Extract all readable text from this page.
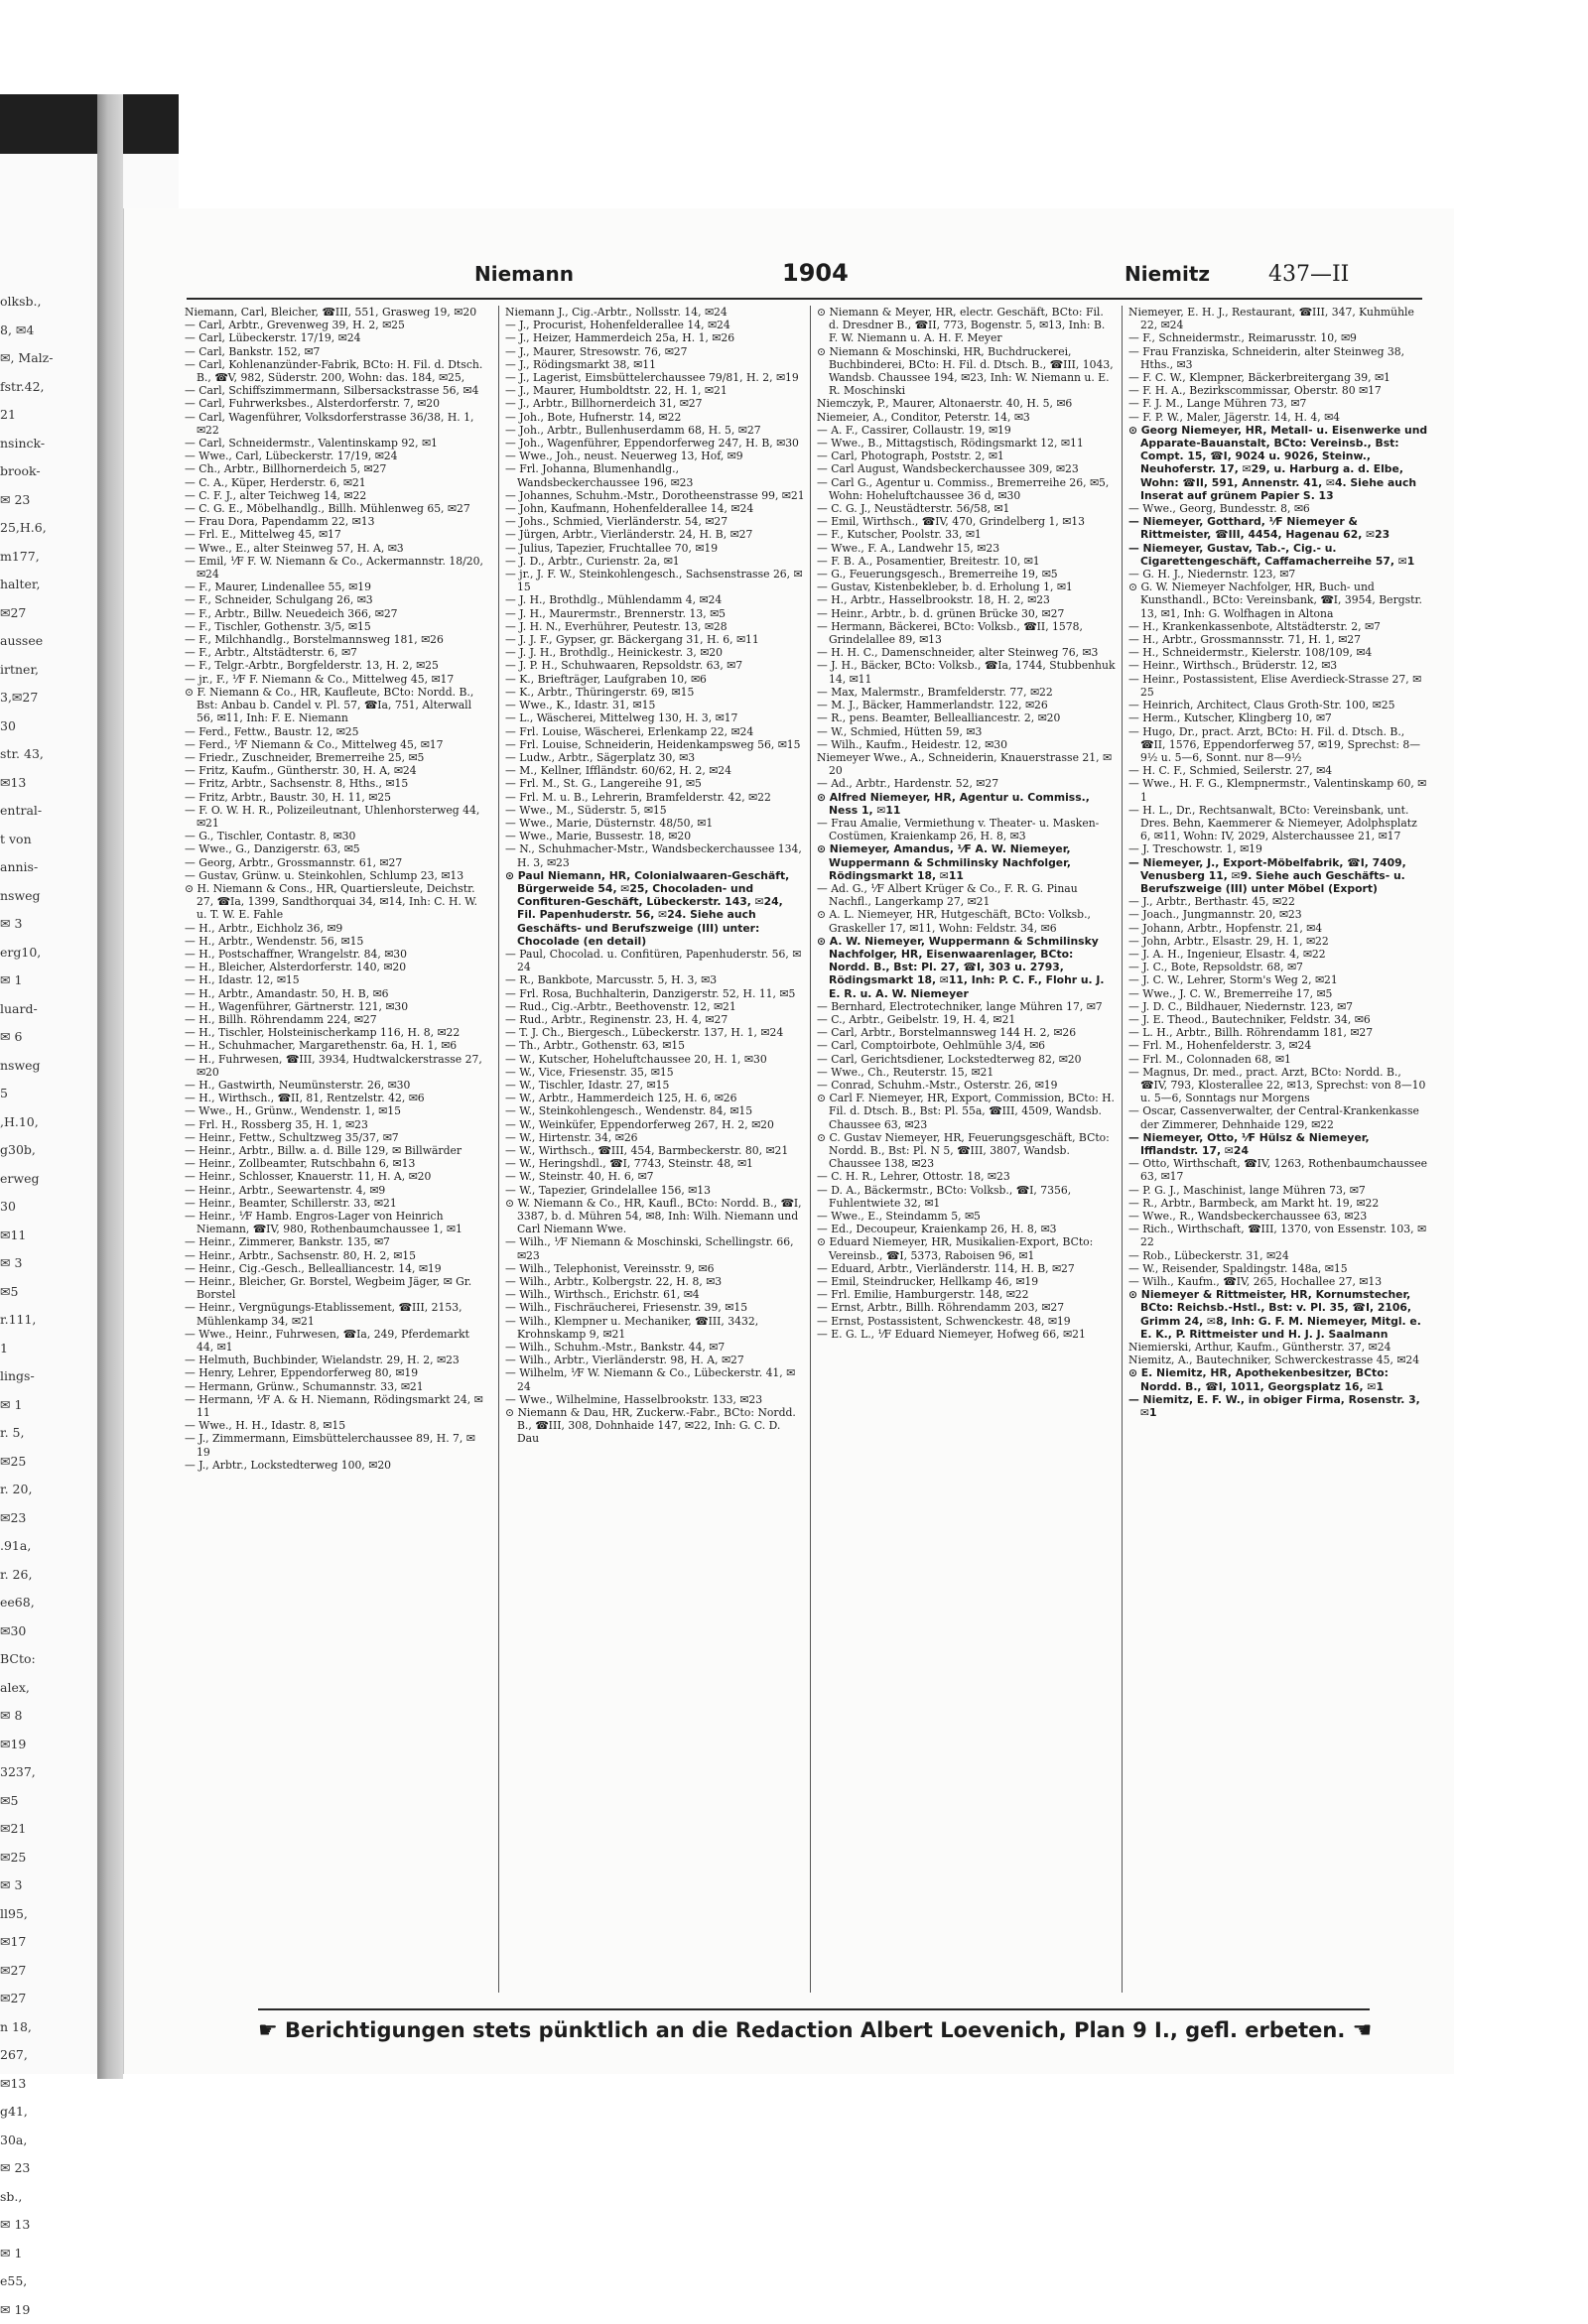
olksb.,
8, ✉4
✉, Malz-
fstr.42,
21
nsinck-
brook-
✉ 23
25,H.6,
m177,
halter,
✉27
aussee
irtner,
3,✉27
30
str. 43,
✉13
entral-
t von
annis-
nsweg
✉ 3
erg10,
✉ 1
luard-
✉ 6
nsweg
5
,H.10,
g30b,
erweg
30
✉11
✉ 3
✉5
r.111,
1
lings-
✉ 1
r. 5,
✉25
r. 20,
✉23
.91a,
r. 26,
ee68,
✉30
BCto:
alex,
✉ 8
✉19
3237,
✉5
✉21
✉25
✉ 3
ll95,
✉17
✉27
✉27
n 18,
267,
✉13
g41,
30a,
✉ 23
sb.,
✉ 13
✉ 1
e55,
✉ 19
Niemann	1904	Niemitz	437—II

Niemann, Carl, Bleicher, ☎III, 551, Grasweg 19, ✉20

— Carl, Arbtr., Grevenweg 39, H. 2, ✉25

— Carl, Lübeckerstr. 17/19, ✉24

— Carl, Bankstr. 152, ✉7

— Carl, Kohlenanzünder-Fabrik, BCto: H. Fil. d. Dtsch. B., ☎V, 982, Süderstr. 200, Wohn: das. 184, ✉25,

— Carl, Schiffszimmermann, Silbersackstrasse 56, ✉4

— Carl, Fuhrwerksbes., Alsterdorferstr. 7, ✉20

— Carl, Wagenführer, Volksdorferstrasse 36/38, H. 1, ✉22

— Carl, Schneidermstr., Valentinskamp 92, ✉1

— Wwe., Carl, Lübeckerstr. 17/19, ✉24

— Ch., Arbtr., Billhornerdeich 5, ✉27

— C. A., Küper, Herderstr. 6, ✉21

— C. F. J., alter Teichweg 14, ✉22

— C. G. E., Möbelhandlg., Billh. Mühlenweg 65, ✉27

— Frau Dora, Papendamm 22, ✉13

— Frl. E., Mittelweg 45, ✉17

— Wwe., E., alter Steinweg 57, H. A, ✉3

— Emil, ⅟F F. W. Niemann & Co., Ackermannstr. 18/20, ✉24

— F., Maurer, Lindenallee 55, ✉19

— F., Schneider, Schulgang 26, ✉3

— F., Arbtr., Billw. Neuedeich 366, ✉27

— F., Tischler, Gothenstr. 3/5, ✉15

— F., Milchhandlg., Borstelmannsweg 181, ✉26

— F., Arbtr., Altstädterstr. 6, ✉7

— F., Telgr.-Arbtr., Borgfelderstr. 13, H. 2, ✉25

— jr., F., ⅟F F. Niemann & Co., Mittelweg 45, ✉17

⊙ F. Niemann & Co., HR, Kaufleute, BCto: Nordd. B., Bst: Anbau b. Candel v. Pl. 57, ☎Ia, 751, Alterwall 56, ✉11, Inh: F. E. Niemann

— Ferd., Fettw., Baustr. 12, ✉25

— Ferd., ⅟F Niemann & Co., Mittelweg 45, ✉17

— Friedr., Zuschneider, Bremerreihe 25, ✉5

— Fritz, Kaufm., Güntherstr. 30, H. A, ✉24

— Fritz, Arbtr., Sachsenstr. 8, Hths., ✉15

— Fritz, Arbtr., Baustr. 30, H. 11, ✉25

— F. O. W. H. R., Polizeileutnant, Uhlenhorsterweg 44, ✉21

— G., Tischler, Contastr. 8, ✉30

— Wwe., G., Danzigerstr. 63, ✉5

— Georg, Arbtr., Grossmannstr. 61, ✉27

— Gustav, Grünw. u. Steinkohlen, Schlump 23, ✉13

⊙ H. Niemann & Cons., HR, Quartiersleute, Deichstr. 27, ☎Ia, 1399, Sandthorquai 34, ✉14, Inh: C. H. W. u. T. W. E. Fahle

— H., Arbtr., Eichholz 36, ✉9

— H., Arbtr., Wendenstr. 56, ✉15

— H., Postschaffner, Wrangelstr. 84, ✉30

— H., Bleicher, Alsterdorferstr. 140, ✉20

— H., Idastr. 12, ✉15

— H., Arbtr., Amandastr. 50, H. B, ✉6

— H., Wagenführer, Gärtnerstr. 121, ✉30

— H., Billh. Röhrendamm 224, ✉27

— H., Tischler, Holsteinischerkamp 116, H. 8, ✉22

— H., Schuhmacher, Margarethenstr. 6a, H. 1, ✉6

— H., Fuhrwesen, ☎III, 3934, Hudtwalckerstrasse 27, ✉20

— H., Gastwirth, Neumünsterstr. 26, ✉30

— H., Wirthsch., ☎II, 81, Rentzelstr. 42, ✉6

— Wwe., H., Grünw., Wendenstr. 1, ✉15

— Frl. H., Rossberg 35, H. 1, ✉23

— Heinr., Fettw., Schultzweg 35/37, ✉7

— Heinr., Arbtr., Billw. a. d. Bille 129, ✉ Billwärder

— Heinr., Zollbeamter, Rutschbahn 6, ✉13

— Heinr., Schlosser, Knauerstr. 11, H. A, ✉20

— Heinr., Arbtr., Seewartenstr. 4, ✉9

— Heinr., Beamter, Schillerstr. 33, ✉21

— Heinr., ⅟F Hamb. Engros-Lager von Heinrich Niemann, ☎IV, 980, Rothenbaumchaussee 1, ✉1

— Heinr., Zimmerer, Bankstr. 135, ✉7

— Heinr., Arbtr., Sachsenstr. 80, H. 2, ✉15

— Heinr., Cig.-Gesch., Bellealliancestr. 14, ✉19

— Heinr., Bleicher, Gr. Borstel, Wegbeim Jäger, ✉ Gr. Borstel

— Heinr., Vergnügungs-Etablissement, ☎III, 2153, Mühlenkamp 34, ✉21

— Wwe., Heinr., Fuhrwesen, ☎Ia, 249, Pferdemarkt 44, ✉1

— Helmuth, Buchbinder, Wielandstr. 29, H. 2, ✉23

— Henry, Lehrer, Eppendorferweg 80, ✉19

— Hermann, Grünw., Schumannstr. 33, ✉21

— Hermann, ⅟F A. & H. Niemann, Rödingsmarkt 24, ✉11

— Wwe., H. H., Idastr. 8, ✉15

— J., Zimmermann, Eimsbüttelerchaussee 89, H. 7, ✉19

— J., Arbtr., Lockstedterweg 100, ✉20

Niemann J., Cig.-Arbtr., Nollsstr. 14, ✉24

— J., Procurist, Hohenfelderallee 14, ✉24

— J., Heizer, Hammerdeich 25a, H. 1, ✉26

— J., Maurer, Stresowstr. 76, ✉27

— J., Rödingsmarkt 38, ✉11

— J., Lagerist, Eimsbüttelerchaussee 79/81, H. 2, ✉19

— J., Maurer, Humboldtstr. 22, H. 1, ✉21

— J., Arbtr., Billhornerdeich 31, ✉27

— Joh., Bote, Hufnerstr. 14, ✉22

— Joh., Arbtr., Bullenhuserdamm 68, H. 5, ✉27

— Joh., Wagenführer, Eppendorferweg 247, H. B, ✉30

— Wwe., Joh., neust. Neuerweg 13, Hof, ✉9

— Frl. Johanna, Blumenhandlg., Wandsbeckerchaussee 196, ✉23

— Johannes, Schuhm.-Mstr., Dorotheenstrasse 99, ✉21

— John, Kaufmann, Hohenfelderallee 14, ✉24

— Johs., Schmied, Vierländerstr. 54, ✉27

— Jürgen, Arbtr., Vierländerstr. 24, H. B, ✉27

— Julius, Tapezier, Fruchtallee 70, ✉19

— J. D., Arbtr., Curienstr. 2a, ✉1

— jr., J. F. W., Steinkohlengesch., Sachsenstrasse 26, ✉15

— J. H., Brothdlg., Mühlendamm 4, ✉24

— J. H., Maurermstr., Brennerstr. 13, ✉5

— J. H. N., Everhührer, Peutestr. 13, ✉28

— J. J. F., Gypser, gr. Bäckergang 31, H. 6, ✉11

— J. J. H., Brothdlg., Heinickestr. 3, ✉20

— J. P. H., Schuhwaaren, Repsoldstr. 63, ✉7

— K., Briefträger, Laufgraben 10, ✉6

— K., Arbtr., Thüringerstr. 69, ✉15

— Wwe., K., Idastr. 31, ✉15

— L., Wäscherei, Mittelweg 130, H. 3, ✉17

— Frl. Louise, Wäscherei, Erlenkamp 22, ✉24

— Frl. Louise, Schneiderin, Heidenkampsweg 56, ✉15

— Ludw., Arbtr., Sägerplatz 30, ✉3

— M., Kellner, Iffländstr. 60/62, H. 2, ✉24

— Frl. M., St. G., Langereihe 91, ✉5

— Frl. M. u. B., Lehrerin, Bramfelderstr. 42, ✉22

— Wwe., M., Süderstr. 5, ✉15

— Wwe., Marie, Düsternstr. 48/50, ✉1

— Wwe., Marie, Bussestr. 18, ✉20

— N., Schuhmacher-Mstr., Wandsbeckerchaussee 134, H. 3, ✉23

⊙ Paul Niemann, HR, Colonialwaaren-Geschäft, Bürgerweide 54, ✉25, Chocoladen- und Confituren-Geschäft, Lübeckerstr. 143, ✉24, Fil. Papenhuderstr. 56, ✉24. Siehe auch Geschäfts- und Berufszweige (III) unter: Chocolade (en detail)

— Paul, Chocolad. u. Confitüren, Papenhuderstr. 56, ✉24

— R., Bankbote, Marcusstr. 5, H. 3, ✉3

— Frl. Rosa, Buchhalterin, Danzigerstr. 52, H. 11, ✉5

— Rud., Cig.-Arbtr., Beethovenstr. 12, ✉21

— Rud., Arbtr., Reginenstr. 23, H. 4, ✉27

— T. J. Ch., Biergesch., Lübeckerstr. 137, H. 1, ✉24

— Th., Arbtr., Gothenstr. 63, ✉15

— W., Kutscher, Hoheluftchaussee 20, H. 1, ✉30

— W., Vice, Friesenstr. 35, ✉15

— W., Tischler, Idastr. 27, ✉15

— W., Arbtr., Hammerdeich 125, H. 6, ✉26

— W., Steinkohlengesch., Wendenstr. 84, ✉15

— W., Weinküfer, Eppendorferweg 267, H. 2, ✉20

— W., Hirtenstr. 34, ✉26

— W., Wirthsch., ☎III, 454, Barmbeckerstr. 80, ✉21

— W., Heringshdl., ☎I, 7743, Steinstr. 48, ✉1

— W., Steinstr. 40, H. 6, ✉7

— W., Tapezier, Grindelallee 156, ✉13

⊙ W. Niemann & Co., HR, Kaufl., BCto: Nordd. B., ☎I, 3387, b. d. Mühren 54, ✉8, Inh: Wilh. Niemann und Carl Niemann Wwe.

— Wilh., ⅟F Niemann & Moschinski, Schellingstr. 66, ✉23

— Wilh., Telephonist, Vereinsstr. 9, ✉6

— Wilh., Arbtr., Kolbergstr. 22, H. 8, ✉3

— Wilh., Wirthsch., Erichstr. 61, ✉4

— Wilh., Fischräucherei, Friesenstr. 39, ✉15

— Wilh., Klempner u. Mechaniker, ☎III, 3432, Krohnskamp 9, ✉21

— Wilh., Schuhm.-Mstr., Bankstr. 44, ✉7

— Wilh., Arbtr., Vierländerstr. 98, H. A, ✉27

— Wilhelm, ⅟F W. Niemann & Co., Lübeckerstr. 41, ✉24

— Wwe., Wilhelmine, Hasselbrookstr. 133, ✉23

⊙ Niemann & Dau, HR, Zuckerw.-Fabr., BCto: Nordd. B., ☎III, 308, Dohnhaide 147, ✉22, Inh: G. C. D. Dau

⊙ Niemann & Meyer, HR, electr. Geschäft, BCto: Fil. d. Dresdner B., ☎II, 773, Bogenstr. 5, ✉13, Inh: B. F. W. Niemann u. A. H. F. Meyer

⊙ Niemann & Moschinski, HR, Buchdruckerei, Buchbinderei, BCto: H. Fil. d. Dtsch. B., ☎III, 1043, Wandsb. Chaussee 194, ✉23, Inh: W. Niemann u. E. R. Moschinski

Niemczyk, P., Maurer, Altonaerstr. 40, H. 5, ✉6

Niemeier, A., Conditor, Peterstr. 14, ✉3

— A. F., Cassirer, Collaustr. 19, ✉19

— Wwe., B., Mittagstisch, Rödingsmarkt 12, ✉11

— Carl, Photograph, Poststr. 2, ✉1

— Carl August, Wandsbeckerchaussee 309, ✉23

— Carl G., Agentur u. Commiss., Bremerreihe 26, ✉5, Wohn: Hoheluftchaussee 36 d, ✉30

— C. G. J., Neustädterstr. 56/58, ✉1

— Emil, Wirthsch., ☎IV, 470, Grindelberg 1, ✉13

— F., Kutscher, Poolstr. 33, ✉1

— Wwe., F. A., Landwehr 15, ✉23

— F. B. A., Posamentier, Breitestr. 10, ✉1

— G., Feuerungsgesch., Bremerreihe 19, ✉5

— Gustav, Kistenbekleber, b. d. Erholung 1, ✉1

— H., Arbtr., Hasselbrookstr. 18, H. 2, ✉23

— Heinr., Arbtr., b. d. grünen Brücke 30, ✉27

— Hermann, Bäckerei, BCto: Volksb., ☎II, 1578, Grindelallee 89, ✉13

— H. H. C., Damenschneider, alter Steinweg 76, ✉3

— J. H., Bäcker, BCto: Volksb., ☎Ia, 1744, Stubbenhuk 14, ✉11

— Max, Malermstr., Bramfelderstr. 77, ✉22

— M. J., Bäcker, Hammerlandstr. 122, ✉26

— R., pens. Beamter, Bellealliancestr. 2, ✉20

— W., Schmied, Hütten 59, ✉3

— Wilh., Kaufm., Heidestr. 12, ✉30

Niemeyer Wwe., A., Schneiderin, Knauerstrasse 21, ✉20

— Ad., Arbtr., Hardenstr. 52, ✉27

⊙ Alfred Niemeyer, HR, Agentur u. Commiss., Ness 1, ✉11

— Frau Amalie, Vermiethung v. Theater- u. Masken-Costümen, Kraienkamp 26, H. 8, ✉3

⊙ Niemeyer, Amandus, ⅟F A. W. Niemeyer, Wuppermann & Schmilinsky Nachfolger, Rödingsmarkt 18, ✉11

— Ad. G., ⅟F Albert Krüger & Co., F. R. G. Pinau Nachfl., Langerkamp 27, ✉21

⊙ A. L. Niemeyer, HR, Hutgeschäft, BCto: Volksb., Graskeller 17, ✉11, Wohn: Feldstr. 34, ✉6

⊙ A. W. Niemeyer, Wuppermann & Schmilinsky Nachfolger, HR, Eisenwaarenlager, BCto: Nordd. B., Bst: Pl. 27, ☎I, 303 u. 2793, Rödingsmarkt 18, ✉11, Inh: P. C. F., Flohr u. J. E. R. u. A. W. Niemeyer

— Bernhard, Electrotechniker, lange Mühren 17, ✉7

— C., Arbtr., Geibelstr. 19, H. 4, ✉21

— Carl, Arbtr., Borstelmannsweg 144 H. 2, ✉26

— Carl, Comptoirbote, Oehlmühle 3/4, ✉6

— Carl, Gerichtsdiener, Lockstedterweg 82, ✉20

— Wwe., Ch., Reuterstr. 15, ✉21

— Conrad, Schuhm.-Mstr., Osterstr. 26, ✉19

⊙ Carl F. Niemeyer, HR, Export, Commission, BCto: H. Fil. d. Dtsch. B., Bst: Pl. 55a, ☎III, 4509, Wandsb. Chaussee 63, ✉23

⊙ C. Gustav Niemeyer, HR, Feuerungsgeschäft, BCto: Nordd. B., Bst: Pl. N 5, ☎III, 3807, Wandsb. Chaussee 138, ✉23

— C. H. R., Lehrer, Ottostr. 18, ✉23

— D. A., Bäckermstr., BCto: Volksb., ☎I, 7356, Fuhlentwiete 32, ✉1

— Wwe., E., Steindamm 5, ✉5

— Ed., Decoupeur, Kraienkamp 26, H. 8, ✉3

⊙ Eduard Niemeyer, HR, Musikalien-Export, BCto: Vereinsb., ☎I, 5373, Raboisen 96, ✉1

— Eduard, Arbtr., Vierländerstr. 114, H. B, ✉27

— Emil, Steindrucker, Hellkamp 46, ✉19

— Frl. Emilie, Hamburgerstr. 148, ✉22

— Ernst, Arbtr., Billh. Röhrendamm 203, ✉27

— Ernst, Postassistent, Schwenckestr. 48, ✉19

— E. G. L., ⅟F Eduard Niemeyer, Hofweg 66, ✉21

Niemeyer, E. H. J., Restaurant, ☎III, 347, Kuhmühle 22, ✉24

— F., Schneidermstr., Reimarusstr. 10, ✉9

— Frau Franziska, Schneiderin, alter Steinweg 38, Hths., ✉3

— F. C. W., Klempner, Bäckerbreitergang 39, ✉1

— F. H. A., Bezirkscommissar, Oberstr. 80 ✉17

— F. J. M., Lange Mühren 73, ✉7

— F. P. W., Maler, Jägerstr. 14, H. 4, ✉4

⊙ Georg Niemeyer, HR, Metall- u. Eisenwerke und Apparate-Bauanstalt, BCto: Vereinsb., Bst: Compt. 15, ☎I, 9024 u. 9026, Steinw., Neuhoferstr. 17, ✉29, u. Harburg a. d. Elbe, Wohn: ☎II, 591, Annenstr. 41, ✉4. Siehe auch Inserat auf grünem Papier S. 13

— Wwe., Georg, Bundesstr. 8, ✉6

— Niemeyer, Gotthard, ⅟F Niemeyer & Rittmeister, ☎III, 4454, Hagenau 62, ✉23

— Niemeyer, Gustav, Tab.-, Cig.- u. Cigarettengeschäft, Caffamacherreihe 57, ✉1

— G. H. J., Niedernstr. 123, ✉7

⊙ G. W. Niemeyer Nachfolger, HR, Buch- und Kunsthandl., BCto: Vereinsbank, ☎I, 3954, Bergstr. 13, ✉1, Inh: G. Wolfhagen in Altona

— H., Krankenkassenbote, Altstädterstr. 2, ✉7

— H., Arbtr., Grossmannsstr. 71, H. 1, ✉27

— H., Schneidermstr., Kielerstr. 108/109, ✉4

— Heinr., Wirthsch., Brüderstr. 12, ✉3

— Heinr., Postassistent, Elise Averdieck-Strasse 27, ✉25

— Heinrich, Architect, Claus Groth-Str. 100, ✉25

— Herm., Kutscher, Klingberg 10, ✉7

— Hugo, Dr., pract. Arzt, BCto: H. Fil. d. Dtsch. B., ☎II, 1576, Eppendorferweg 57, ✉19, Sprechst: 8—9½ u. 5—6, Sonnt. nur 8—9½

— H. C. F., Schmied, Seilerstr. 27, ✉4

— Wwe., H. F. G., Klempnermstr., Valentinskamp 60, ✉1

— H. L., Dr., Rechtsanwalt, BCto: Vereinsbank, unt. Dres. Behn, Kaemmerer & Niemeyer, Adolphsplatz 6, ✉11, Wohn: IV, 2029, Alsterchaussee 21, ✉17

— J. Treschowstr. 1, ✉19

— Niemeyer, J., Export-Möbelfabrik, ☎I, 7409, Venusberg 11, ✉9. Siehe auch Geschäfts- u. Berufszweige (III) unter Möbel (Export)

— J., Arbtr., Berthastr. 45, ✉22

— Joach., Jungmannstr. 20, ✉23

— Johann, Arbtr., Hopfenstr. 21, ✉4

— John, Arbtr., Elsastr. 29, H. 1, ✉22

— J. A. H., Ingenieur, Elsastr. 4, ✉22

— J. C., Bote, Repsoldstr. 68, ✉7

— J. C. W., Lehrer, Storm's Weg 2, ✉21

— Wwe., J. C. W., Bremerreihe 17, ✉5

— J. D. C., Bildhauer, Niedernstr. 123, ✉7

— J. E. Theod., Bautechniker, Feldstr. 34, ✉6

— L. H., Arbtr., Billh. Röhrendamm 181, ✉27

— Frl. M., Hohenfelderstr. 3, ✉24

— Frl. M., Colonnaden 68, ✉1

— Magnus, Dr. med., pract. Arzt, BCto: Nordd. B., ☎IV, 793, Klosterallee 22, ✉13, Sprechst: von 8—10 u. 5—6, Sonntags nur Morgens

— Oscar, Cassenverwalter, der Central-Krankenkasse der Zimmerer, Dehnhaide 129, ✉22

— Niemeyer, Otto, ⅟F Hülsz & Niemeyer, Ifflandstr. 17, ✉24

— Otto, Wirthschaft, ☎IV, 1263, Rothenbaumchaussee 63, ✉17

— P. G. J., Maschinist, lange Mühren 73, ✉7

— R., Arbtr., Barmbeck, am Markt ht. 19, ✉22

— Wwe., R., Wandsbeckerchaussee 63, ✉23

— Rich., Wirthschaft, ☎III, 1370, von Essenstr. 103, ✉22

— Rob., Lübeckerstr. 31, ✉24

— W., Reisender, Spaldingstr. 148a, ✉15

— Wilh., Kaufm., ☎IV, 265, Hochallee 27, ✉13

⊙ Niemeyer & Rittmeister, HR, Kornumstecher, BCto: Reichsb.-Hstl., Bst: v. Pl. 35, ☎I, 2106, Grimm 24, ✉8, Inh: G. F. M. Niemeyer, Mitgl. e. E. K., P. Rittmeister und H. J. J. Saalmann

Niemierski, Arthur, Kaufm., Güntherstr. 37, ✉24

Niemitz, A., Bautechniker, Schwerckestrasse 45, ✉24

⊙ E. Niemitz, HR, Apothekenbesitzer, BCto: Nordd. B., ☎I, 1011, Georgsplatz 16, ✉1

— Niemitz, E. F. W., in obiger Firma, Rosenstr. 3, ✉1

☛ Berichtigungen stets pünktlich an die Redaction Albert Loevenich, Plan 9 I., gefl. erbeten. ☚
